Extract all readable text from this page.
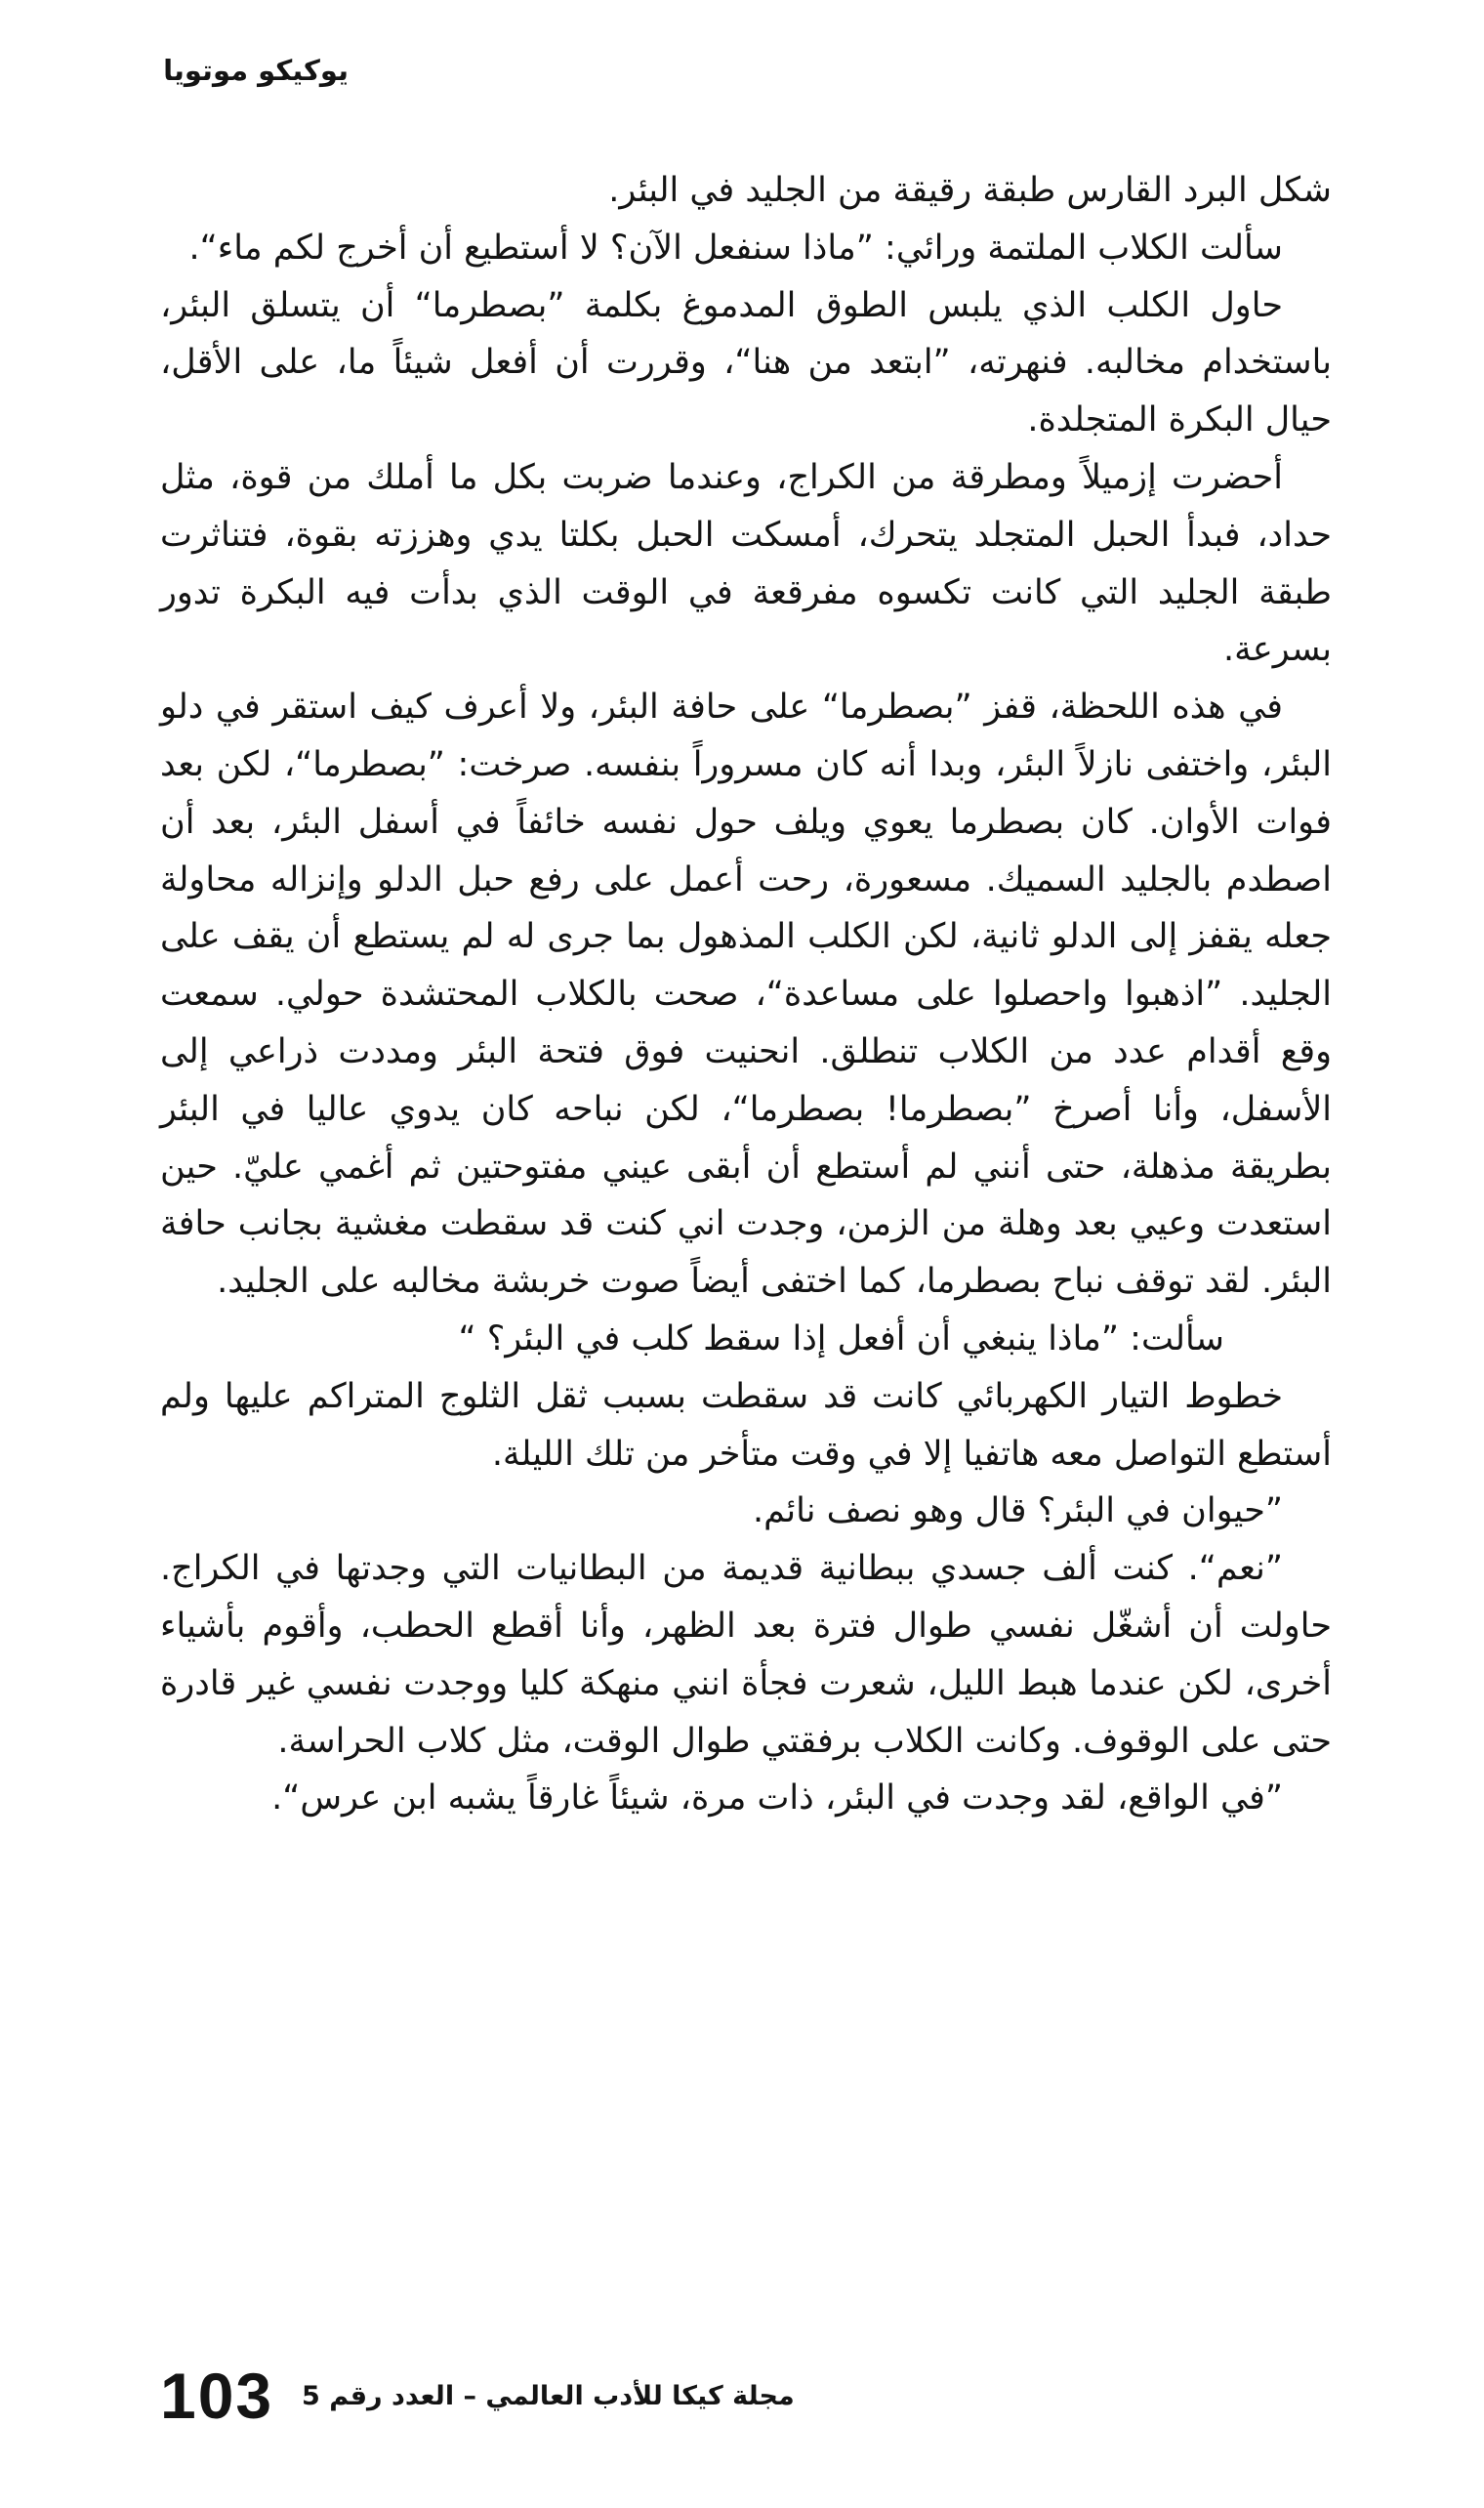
يوكيكو موتويا

شكل البرد القارس طبقة رقيقة من الجليد في البئر.

سألت الكلاب الملتمة ورائي: ”ماذا سنفعل الآن؟ لا أستطيع أن أخرج لكم ماء“.

حاول الكلب الذي يلبس الطوق المدموغ بكلمة ”بصطرما“ أن يتسلق البئر، باستخدام مخالبه. فنهرته، ”ابتعد من هنا“، وقررت أن أفعل شيئاً ما، على الأقل، حيال البكرة المتجلدة.

أحضرت إزميلاً ومطرقة من الكراج، وعندما ضربت بكل ما أملك من قوة، مثل حداد، فبدأ الحبل المتجلد يتحرك، أمسكت الحبل بكلتا يدي وهززته بقوة، فتناثرت طبقة الجليد التي كانت تكسوه مفرقعة في الوقت الذي بدأت فيه البكرة تدور بسرعة.

في هذه اللحظة، قفز ”بصطرما“ على حافة البئر، ولا أعرف كيف استقر في دلو البئر، واختفى نازلاً البئر، وبدا أنه كان مسروراً بنفسه. صرخت: ”بصطرما“، لكن بعد فوات الأوان. كان بصطرما يعوي ويلف حول نفسه خائفاً في أسفل البئر، بعد أن اصطدم بالجليد السميك. مسعورة، رحت أعمل على رفع حبل الدلو وإنزاله محاولة جعله يقفز إلى الدلو ثانية، لكن الكلب المذهول بما جرى له لم يستطع أن يقف على الجليد. ”اذهبوا واحصلوا على مساعدة“، صحت بالكلاب المحتشدة حولي. سمعت وقع أقدام عدد من الكلاب تنطلق. انحنيت فوق فتحة البئر ومددت ذراعي إلى الأسفل، وأنا أصرخ ”بصطرما! بصطرما“، لكن نباحه كان يدوي عاليا في البئر بطريقة مذهلة، حتى أنني لم أستطع أن أبقى عيني مفتوحتين ثم أغمي عليّ. حين استعدت وعيي بعد وهلة من الزمن، وجدت اني كنت قد سقطت مغشية بجانب حافة البئر. لقد توقف نباح بصطرما، كما اختفى أيضاً صوت خربشة مخالبه على الجليد.

سألت: ”ماذا ينبغي أن أفعل إذا سقط كلب في البئر؟ “

خطوط التيار الكهربائي كانت قد سقطت بسبب ثقل الثلوج المتراكم عليها ولم أستطع التواصل معه هاتفيا إلا في وقت متأخر من تلك الليلة.

”حيوان في البئر؟ قال وهو نصف نائم.

”نعم“. كنت ألف جسدي ببطانية قديمة من البطانيات التي وجدتها في الكراج. حاولت أن أشغّل نفسي طوال فترة بعد الظهر، وأنا أقطع الحطب، وأقوم بأشياء أخرى، لكن عندما هبط الليل، شعرت فجأة انني منهكة كليا ووجدت نفسي غير قادرة حتى على الوقوف. وكانت الكلاب برفقتي طوال الوقت، مثل كلاب الحراسة.

”في الواقع، لقد وجدت في البئر، ذات مرة، شيئاً غارقاً يشبه ابن عرس“.

103 مجلة كيكا للأدب العالمي – العدد رقم 5
